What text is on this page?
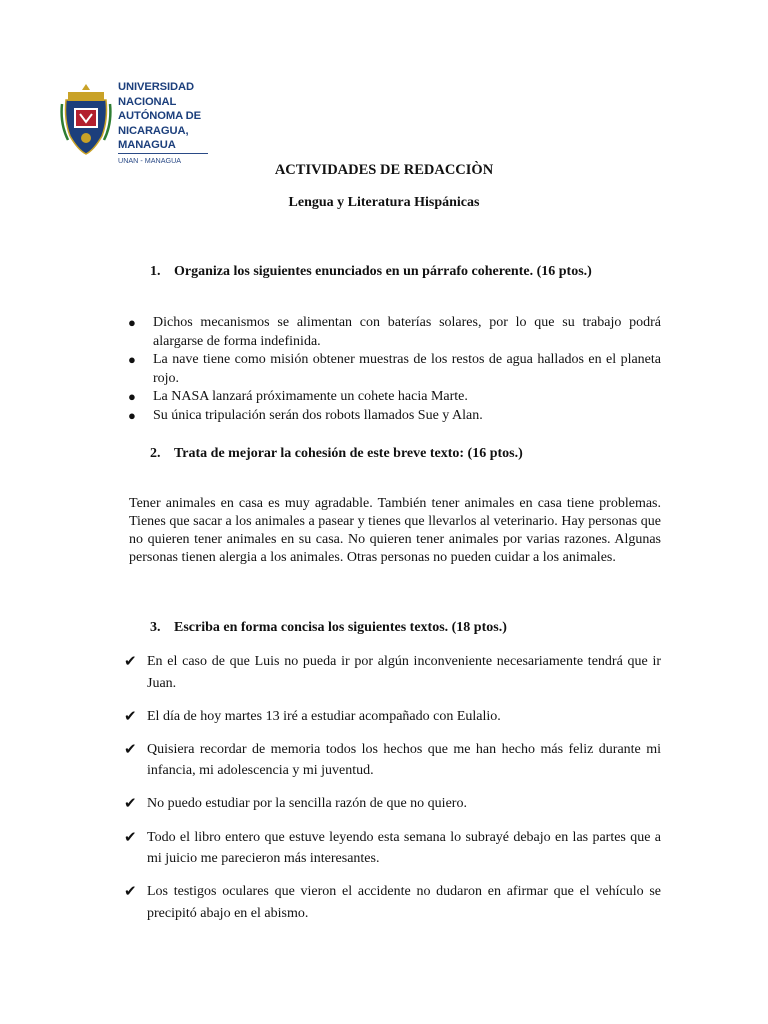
UNIVERSIDAD
NACIONAL
AUTÓNOMA DE
NICARAGUA,
MANAGUA
UNAN - MANAGUA
ACTIVIDADES DE REDACCIÒN
Lengua y Literatura Hispánicas
1. Organiza los siguientes enunciados en un párrafo coherente. (16 ptos.)
● Dichos mecanismos se alimentan con baterías solares, por lo que su trabajo podrá alargarse de forma indefinida.
● La nave tiene como misión obtener muestras de los restos de agua hallados en el planeta rojo.
● La NASA lanzará próximamente un cohete hacia Marte.
● Su única tripulación serán dos robots llamados Sue y Alan.
2. Trata de mejorar la cohesión de este breve texto: (16 ptos.)
Tener animales en casa es muy agradable. También tener animales en casa tiene problemas. Tienes que sacar a los animales a pasear y tienes que llevarlos al veterinario. Hay personas que no quieren tener animales en su casa. No quieren tener animales por varias razones. Algunas personas tienen alergia a los animales. Otras personas no pueden cuidar a los animales.
3. Escriba en forma concisa los siguientes textos. (18 ptos.)
✔ En el caso de que Luis no pueda ir por algún inconveniente necesariamente tendrá que ir Juan.
✔ El día de hoy martes 13 iré a estudiar acompañado con Eulalio.
✔ Quisiera recordar de memoria todos los hechos que me han hecho más feliz durante mi infancia, mi adolescencia y mi juventud.
✔ No puedo estudiar por la sencilla razón de que no quiero.
✔ Todo el libro entero que estuve leyendo esta semana lo subrayé debajo en las partes que a mi juicio me parecieron más interesantes.
✔ Los testigos oculares que vieron el accidente no dudaron en afirmar que el vehículo se precipitó abajo en el abismo.
